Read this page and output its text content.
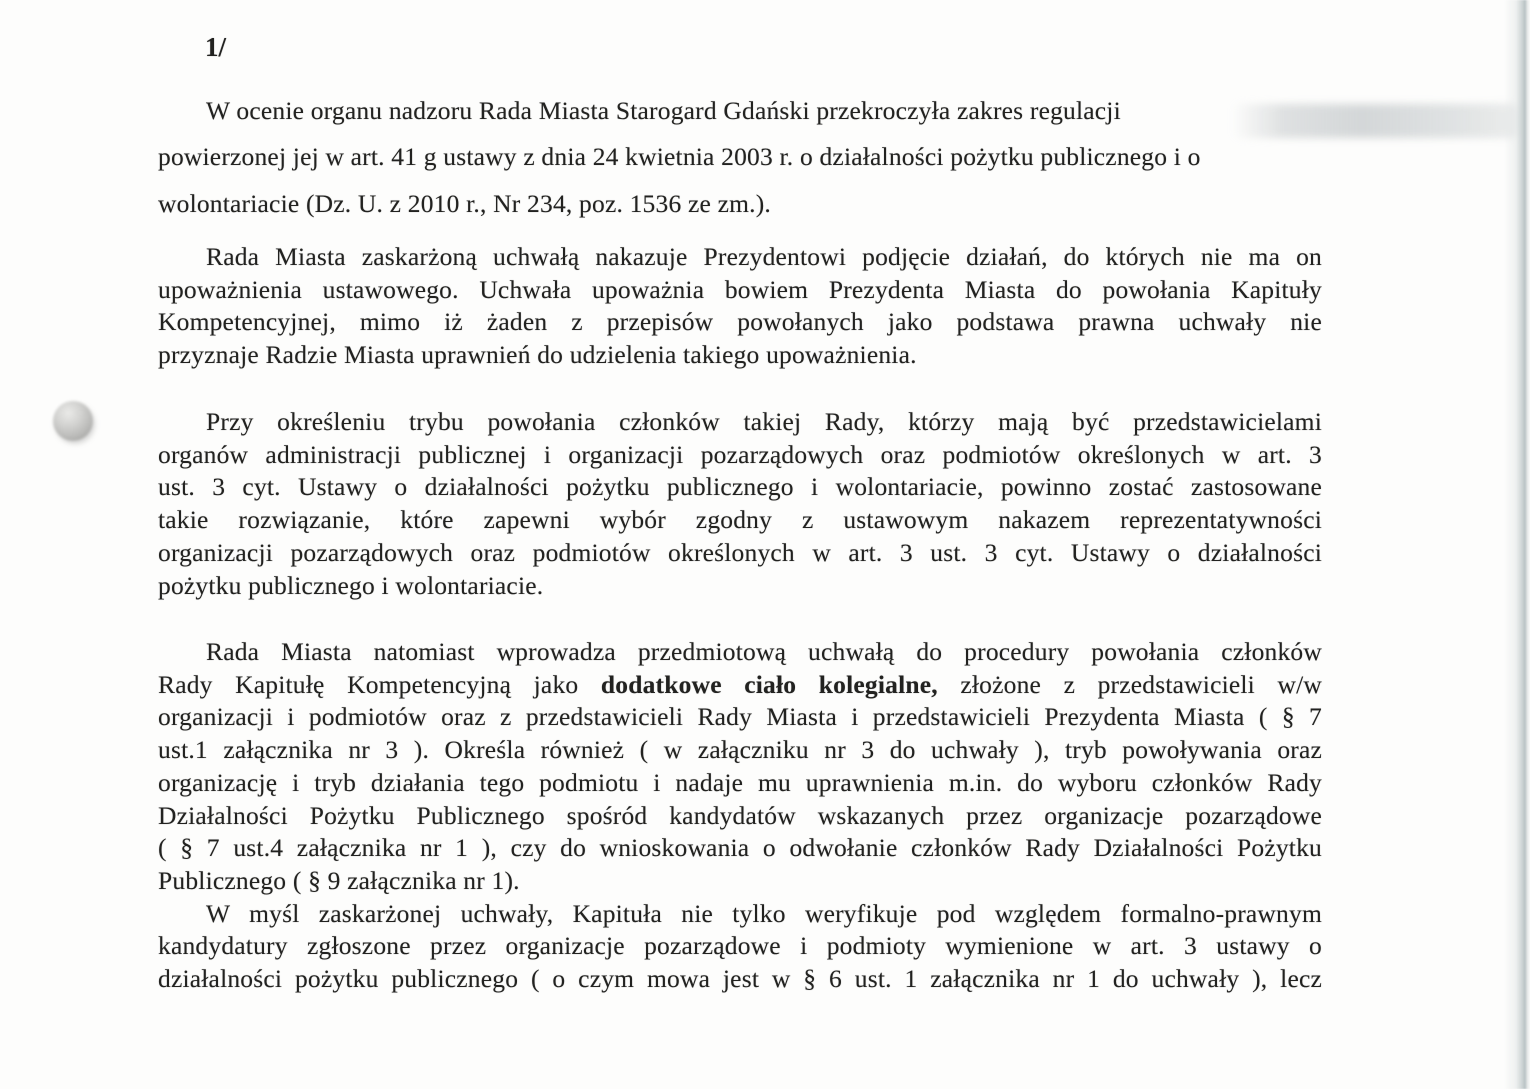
1/
W ocenie organu nadzoru Rada Miasta Starogard Gdański przekroczyła zakres regulacji
powierzonej jej w art. 41 g ustawy z dnia 24 kwietnia 2003 r. o działalności pożytku publicznego i o
wolontariacie (Dz. U. z 2010 r., Nr 234, poz. 1536 ze zm.).
Rada Miasta zaskarżoną uchwałą nakazuje Prezydentowi podjęcie działań, do których nie ma on
upoważnienia ustawowego. Uchwała upoważnia bowiem Prezydenta Miasta do powołania Kapituły
Kompetencyjnej, mimo iż żaden z przepisów powołanych jako podstawa prawna uchwały nie
przyznaje Radzie Miasta uprawnień do udzielenia takiego upoważnienia.
Przy określeniu trybu powołania członków takiej Rady, którzy mają być przedstawicielami
organów administracji publicznej i organizacji pozarządowych oraz podmiotów określonych w art. 3
ust. 3 cyt. Ustawy o działalności pożytku publicznego i wolontariacie, powinno zostać zastosowane
takie rozwiązanie, które zapewni wybór zgodny z ustawowym nakazem reprezentatywności
organizacji pozarządowych oraz podmiotów określonych w art. 3 ust. 3 cyt. Ustawy o działalności
pożytku publicznego i wolontariacie.
Rada Miasta natomiast wprowadza przedmiotową uchwałą do procedury powołania członków
Rady Kapitułę Kompetencyjną jako dodatkowe ciało kolegialne, złożone z przedstawicieli w/w
organizacji i podmiotów oraz z przedstawicieli Rady Miasta i przedstawicieli Prezydenta Miasta ( § 7
ust.1 załącznika nr 3 ). Określa również ( w załączniku nr 3 do uchwały ), tryb powoływania oraz
organizację i tryb działania tego podmiotu i nadaje mu uprawnienia m.in. do wyboru członków Rady
Działalności Pożytku Publicznego spośród kandydatów wskazanych przez organizacje pozarządowe
( § 7 ust.4 załącznika nr 1 ), czy do wnioskowania o odwołanie członków Rady Działalności Pożytku
Publicznego ( § 9 załącznika nr 1).
W myśl zaskarżonej uchwały, Kapituła nie tylko weryfikuje pod względem formalno-prawnym
kandydatury zgłoszone przez organizacje pozarządowe i podmioty wymienione w art. 3 ustawy o
działalności pożytku publicznego ( o czym mowa jest w § 6 ust. 1 załącznika nr 1 do uchwały ), lecz
